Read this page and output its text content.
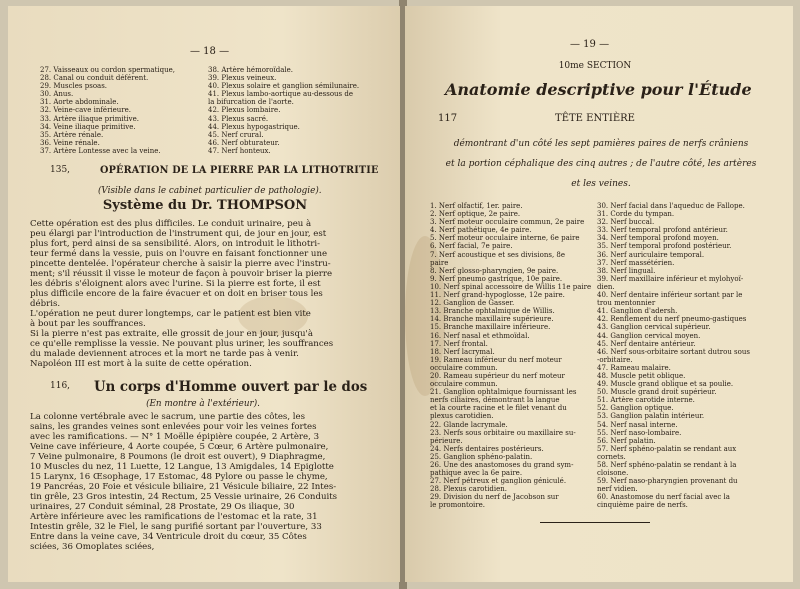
— 18 —
27. Vaisseaux ou cordon spermatique,
28. Canal ou conduit déférent.
29. Muscles psoas.
30. Anus.
31. Aorte abdominale.
32. Veine-cave inférieure.
33. Artère iliaque primitive.
34. Veine iliaque primitive.
35. Artère rénale.
36. Veine rénale.
37. Artère Lontesse avec la veine.
38. Artère hémoroïdale.
39. Plexus veineux.
40. Plexus solaire et ganglion sémilunaire.
41. Plexus lambo-aortique au-dessous de
la bifurcation de l'aorte.
42. Plexus lombaire.
43. Plexus sacré.
44. Plexus hypogastrique.
45. Nerf crural.
46. Nerf obturateur.
47. Nerf honteux.
135,	OPÉRATION DE LA PIERRE PAR LA LITHOTRITIE
(Visible dans le cabinet particulier de pathologie).
Système du Dr. THOMPSON
Cette opération est des plus difficiles. Le conduit urinaire, peu à
peu élargi par l'introduction de l'instrument qui, de jour en jour, est
plus fort, perd ainsi de sa sensibilité. Alors, on introduit le lithotri-
teur fermé dans la vessie, puis on l'ouvre en faisant fonctionner une
pincette dentelée. l'opérateur cherche à saisir la pierre avec l'instru-
ment; s'il réussit il visse le moteur de façon à pouvoir briser la pierre
les débris s'éloignent alors avec l'urine. Si la pierre est forte, il est
plus difficile encore de la faire évacuer et on doit en briser tous les
débris.
L'opération ne peut durer longtemps, car le patient est bien vite
à bout par les souffrances.
Si la pierre n'est pas extraite, elle grossit de jour en jour, jusqu'à
ce qu'elle remplisse la vessie. Ne pouvant plus uriner, les souffrances
du malade deviennent atroces et la mort ne tarde pas à venir.
Napoléon III est mort à la suite de cette opération.
116, Un corps d'Homme ouvert par le dos
(En montre à l'extérieur).
La colonne vertébrale avec le sacrum, une partie des côtes, les
sains, les grandes veines sont enlevées pour voir les veines fortes
avec les ramifications. — N° 1 Moëlle épipière coupée, 2 Artère, 3
Veine cave inférieure, 4 Aorte coupée, 5 Cœur, 6 Artère pulmonaire,
7 Veine pulmonaire, 8 Poumons (le droit est ouvert), 9 Diaphragme,
10 Muscles du nez, 11 Luette, 12 Langue, 13 Amigdales, 14 Epiglotte
15 Larynx, 16 Œsophage, 17 Estomac, 48 Pylore ou passe le chyme,
19 Pancréas, 20 Foie et vésicule biliaire, 21 Vésicule biliaire, 22 Intes-
tin grêle, 23 Gros intestin, 24 Rectum, 25 Vessie urinaire, 26 Conduits
urinaires, 27 Conduit séminal, 28 Prostate, 29 Os iliaque, 30
Artère inférieure avec les ramifications de l'estomac et la rate, 31
Intestin grêle, 32 le Fiel, le sang purifié sortant par l'ouverture, 33
Entre dans la veine cave, 34 Ventricule droit du cœur, 35 Côtes
sciées, 36 Omoplates sciées,
— 19 —
10me SECTION
Anatomie descriptive pour l'Étude
117	TÊTE ENTIÈRE
démontrant d'un côté les sept pamières paires de nerfs crâniens
et la portion céphalique des cinq autres ; de l'autre côté, les artères
et les veines.
1. Nerf olfactif, 1er. paire.
2. Nerf optique, 2e paire.
3. Nerf moteur occulaire commun, 2e paire
4. Nerf pathétique, 4e paire.
5. Nerf moteur occulaire interne, 6e paire
6. Nerf facial, 7e paire.
7. Nerf acoustique et ses divisions, 8e
paire
8. Nerf glosso-pharyngien, 9e paire.
9. Nerf pneumo gastrique, 10e paire.
10. Nerf spinal accessoire de Willis 11e paire
11. Nerf grand-hypoglosse, 12e paire.
12. Ganglion de Gasser.
13. Branche ophtalmique de Willis.
14. Branche maxillaire supérieure.
15. Branche maxillaire inférieure.
16. Nerf nasal et ethmoïdal.
17. Nerf frontal.
18. Nerf lacrymal.
19. Rameau inférieur du nerf moteur
occulaire commun.
20. Rameau supérieur du nerf moteur
occulaire commun.
21. Ganglion ophtalmique fournissant les
nerfs ciliaires, démontrant la langue
et la courte racine et le filet venant du
plexus carotidien.
22. Glande lacrymale.
23. Nerfs sous orbitaire ou maxillaire su-
périeure.
24. Nerfs dentaires postérieurs.
25. Ganglion sphéno-palatin.
26. Une des anastomoses du grand sym-
pathique avec la 6e paire.
27. Nerf pétreux et ganglion géniculé.
28. Plexus carotidien.
29. Division du nerf de Jacobson sur
le promontoire.
30. Nerf facial dans l'aqueduc de Fallope.
31. Corde du tympan.
32. Nerf buccal.
33. Nerf temporal profond antérieur.
34. Nerf temporal profond moyen.
35. Nerf temporal profond postérieur.
36. Nerf auriculaire temporal.
37. Nerf massétérien.
38. Nerf lingual.
39. Nerf maxillaire inférieur et mylohyoï-
dien.
40. Nerf dentaire inférieur sortant par le
trou mentonnier
41. Ganglion d'adersh.
42. Renflement du nerf pneumo-gastiques
43. Ganglion cervical supérieur.
44. Ganglion cervical moyen.
45. Nerf dentaire antérieur.
46. Nerf sous-orbitaire sortant dutrou sous
-orbitaire.
47. Rameau malaire.
48. Muscle petit oblique.
49. Muscle grand oblique et sa poulie.
50. Muscle grand droit supérieur.
51. Artère carotide interne.
52. Ganglion optique.
53. Ganglion palatin intérieur.
54. Nerf nasal interne.
55. Nerf naso-lombaire.
56. Nerf palatin.
57. Nerf sphéno-palatin se rendant aux
cornets.
58. Nerf sphéno-palatin se rendant à la
cloisone.
59. Nerf naso-pharyngien provenant du
nerf vidien.
60. Anastomose du nerf facial avec la
cinquième paire de nerfs.
